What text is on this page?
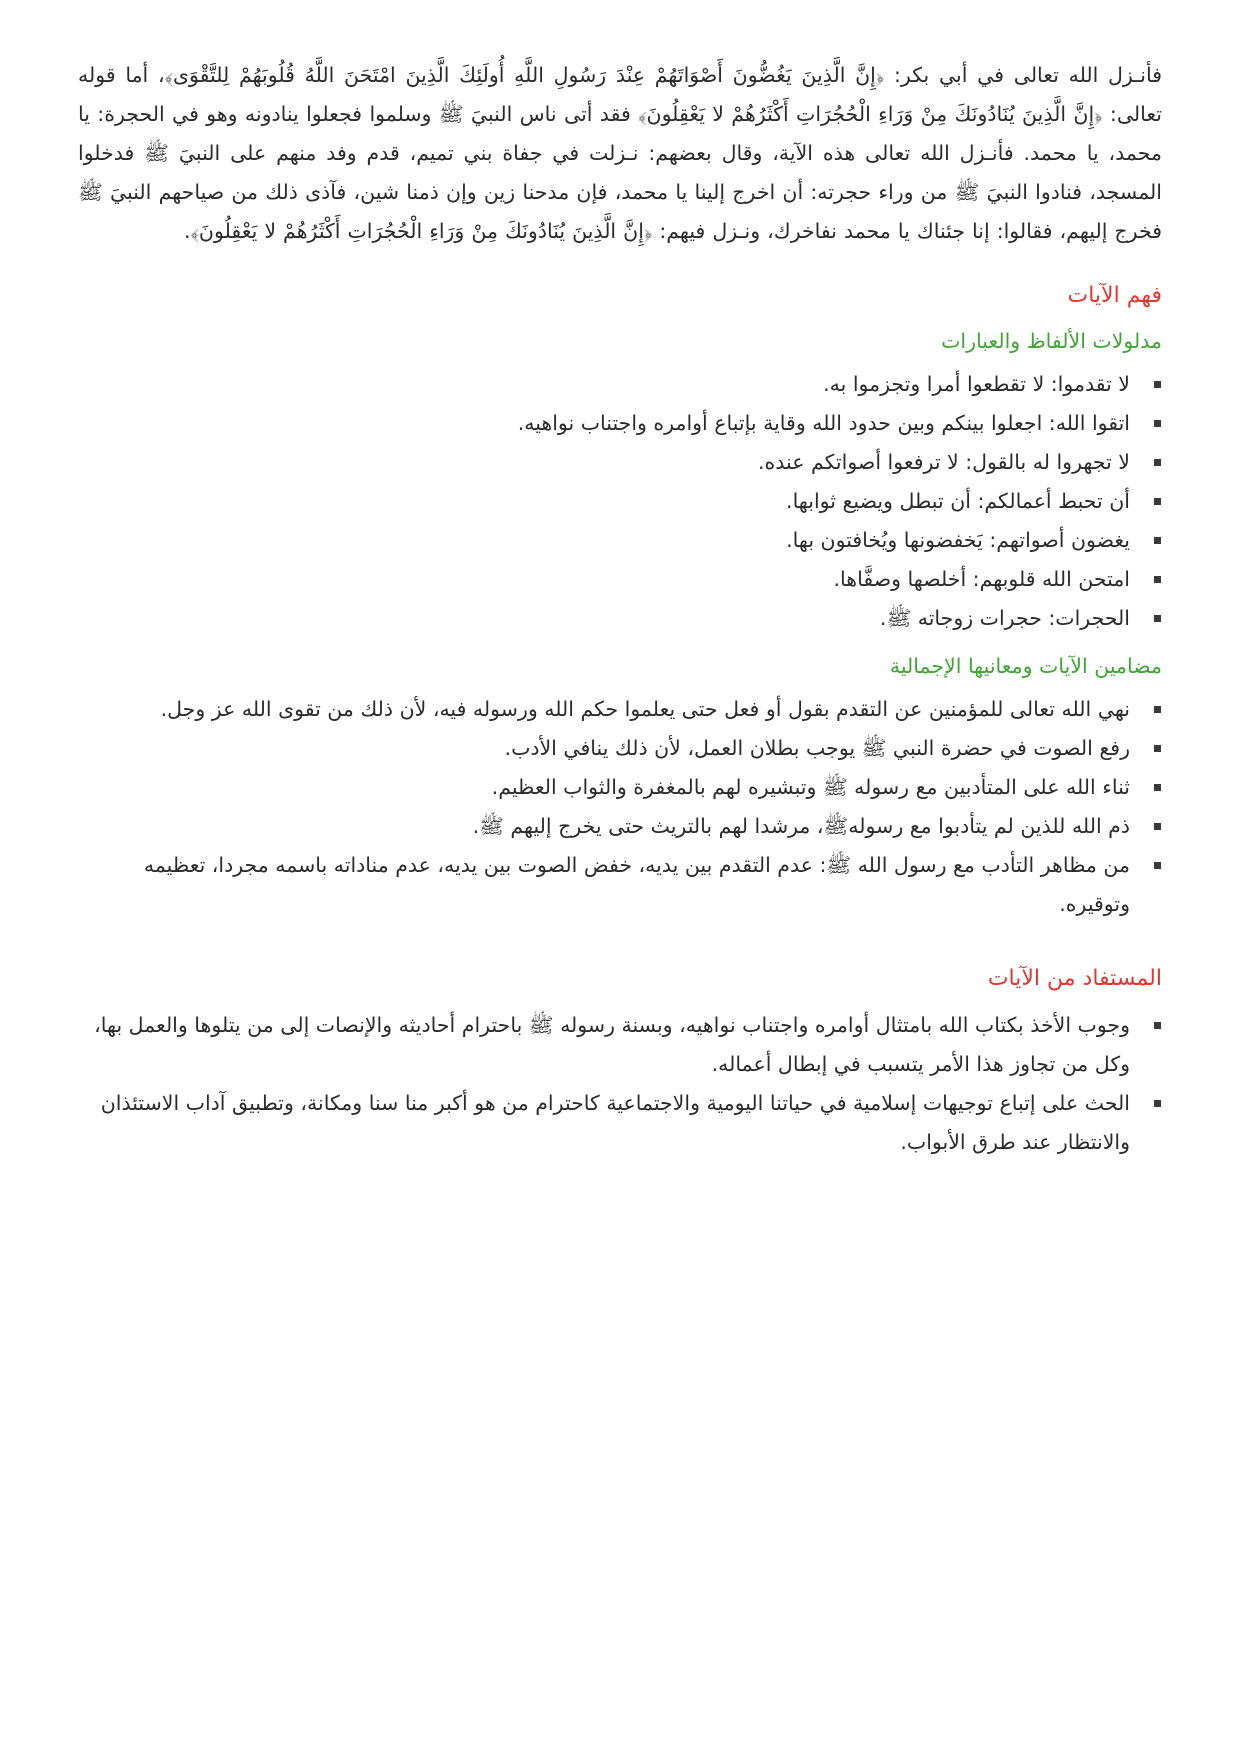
فأنـزل الله تعالى في أبي بكر: ﴿إِنَّ الَّذِينَ يَغُضُّونَ أَصْوَاتَهُمْ عِنْدَ رَسُولِ اللَّهِ أُولَئِكَ الَّذِينَ امْتَحَنَ اللَّهُ قُلُوبَهُمْ لِلتَّقْوَى﴾، أما قوله تعالى: ﴿إِنَّ الَّذِينَ يُنَادُونَكَ مِنْ وَرَاءِ الْحُجُرَاتِ أَكْثَرُهُمْ لا يَعْقِلُونَ﴾ فقد أتى ناس النبيَ ﷺ وسلموا فجعلوا ينادونه وهو في الحجرة: يا محمد، يا محمد. فأنـزل الله تعالى هذه الآية، وقال بعضهم: نـزلت في جفاة بني تميم، قدم وفد منهم على النبيَ ﷺ فدخلوا المسجد، فنادوا النبيَ ﷺ من وراء حجرته: أن اخرج إلينا يا محمد، فإن مدحنا زين وإن ذمنا شين، فآذى ذلك من صياحهم النبيَ ﷺ فخرج إليهم، فقالوا: إنا جئناك يا محمد نفاخرك، ونـزل فيهم: ﴿إِنَّ الَّذِينَ يُنَادُونَكَ مِنْ وَرَاءِ الْحُجُرَاتِ أَكْثَرُهُمْ لا يَعْقِلُونَ﴾.

فهم الآيات
مدلولات الألفاظ والعبارات
لا تقدموا: لا تقطعوا أمرا وتجزموا به.
اتقوا الله: اجعلوا بينكم وبين حدود الله وقاية بإتباع أوامره واجتناب نواهيه.
لا تجهروا له بالقول: لا ترفعوا أصواتكم عنده.
أن تحبط أعمالكم: أن تبطل ويضيع ثوابها.
يغضون أصواتهم: يَخفضونها ويُخافتون بها.
امتحن الله قلوبهم: أخلصها وصفَّاها.
الحجرات: حجرات زوجاته ﷺ.
مضامين الآيات ومعانيها الإجمالية
نهي الله تعالى للمؤمنين عن التقدم بقول أو فعل حتى يعلموا حكم الله ورسوله فيه، لأن ذلك من تقوى الله عز وجل.
رفع الصوت في حضرة النبي ﷺ يوجب بطلان العمل، لأن ذلك ينافي الأدب.
ثناء الله على المتأدبين مع رسوله ﷺ وتبشيره لهم بالمغفرة والثواب العظيم.
ذم الله للذين لم يتأدبوا مع رسولهﷺ، مرشدا لهم بالتريث حتى يخرج إليهم ﷺ.
من مظاهر التأدب مع رسول الله ﷺ: عدم التقدم بين يديه، خفض الصوت بين يديه، عدم مناداته باسمه مجردا، تعظيمه وتوقيره.
المستفاد من الآيات
وجوب الأخذ بكتاب الله بامتثال أوامره واجتناب نواهيه، وبسنة رسوله ﷺ باحترام أحاديثه والإنصات إلى من يتلوها والعمل بها، وكل من تجاوز هذا الأمر يتسبب في إبطال أعماله.
الحث على إتباع توجيهات إسلامية في حياتنا اليومية والاجتماعية كاحترام من هو أكبر منا سنا ومكانة، وتطبيق آداب الاستئذان والانتظار عند طرق الأبواب.
